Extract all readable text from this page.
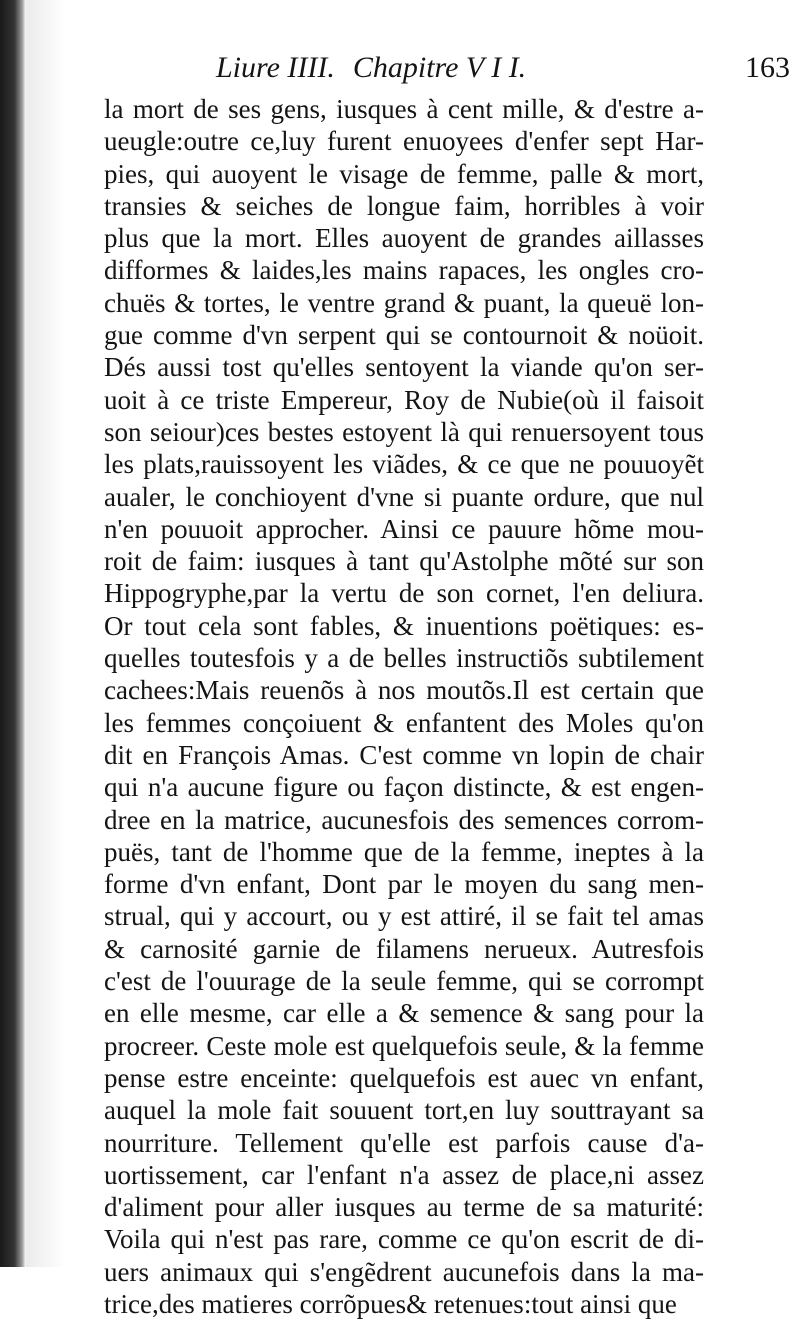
Liure IIII. Chapitre V I I.	163
la mort de ses gens, iusques à cent mille, & d'estre a-
ueugle:outre ce,luy furent enuoyees d'enfer sept Har-
pies, qui auoyent le visage de femme, palle & mort,
transies & seiches de longue faim, horribles à voir
plus que la mort. Elles auoyent de grandes aillasses
difformes & laides,les mains rapaces, les ongles cro-
chuës & tortes, le ventre grand & puant, la queuë lon-
gue comme d'vn serpent qui se contournoit & noüoit.
Dés aussi tost qu'elles sentoyent la viande qu'on ser-
uoit à ce triste Empereur, Roy de Nubie(où il faisoit
son seiour)ces bestes estoyent là qui renuersoyent tous
les plats,rauissoyent les viãdes, & ce que ne pouuoyẽt
aualer, le conchioyent d'vne si puante ordure, que nul
n'en pouuoit approcher. Ainsi ce pauure hõme mou-
roit de faim: iusques à tant qu'Astolphe mõté sur son
Hippogryphe,par la vertu de son cornet, l'en deliura.
Or tout cela sont fables, & inuentions poëtiques: es-
quelles toutesfois y a de belles instructiõs subtilement
cachees:Mais reuenõs à nos moutõs.Il est certain que
les femmes conçoiuent & enfantent des Moles qu'on
dit en François Amas. C'est comme vn lopin de chair
qui n'a aucune figure ou façon distincte, & est engen-
dree en la matrice, aucunesfois des semences corrom-
puës, tant de l'homme que de la femme, ineptes à la
forme d'vn enfant, Dont par le moyen du sang men-
strual, qui y accourt, ou y est attiré, il se fait tel amas
& carnosité garnie de filamens nerueux. Autresfois
c'est de l'ouurage de la seule femme, qui se corrompt
en elle mesme, car elle a & semence & sang pour la
procreer. Ceste mole est quelquefois seule, & la femme
pense estre enceinte: quelquefois est auec vn enfant,
auquel la mole fait souuent tort,en luy souttrayant sa
nourriture. Tellement qu'elle est parfois cause d'a-
uortissement, car l'enfant n'a assez de place,ni assez
d'aliment pour aller iusques au terme de sa maturité:
Voila qui n'est pas rare, comme ce qu'on escrit de di-
uers animaux qui s'engẽdrent aucunefois dans la ma-
trice,des matieres corrõpues& retenues:tout ainsi que
